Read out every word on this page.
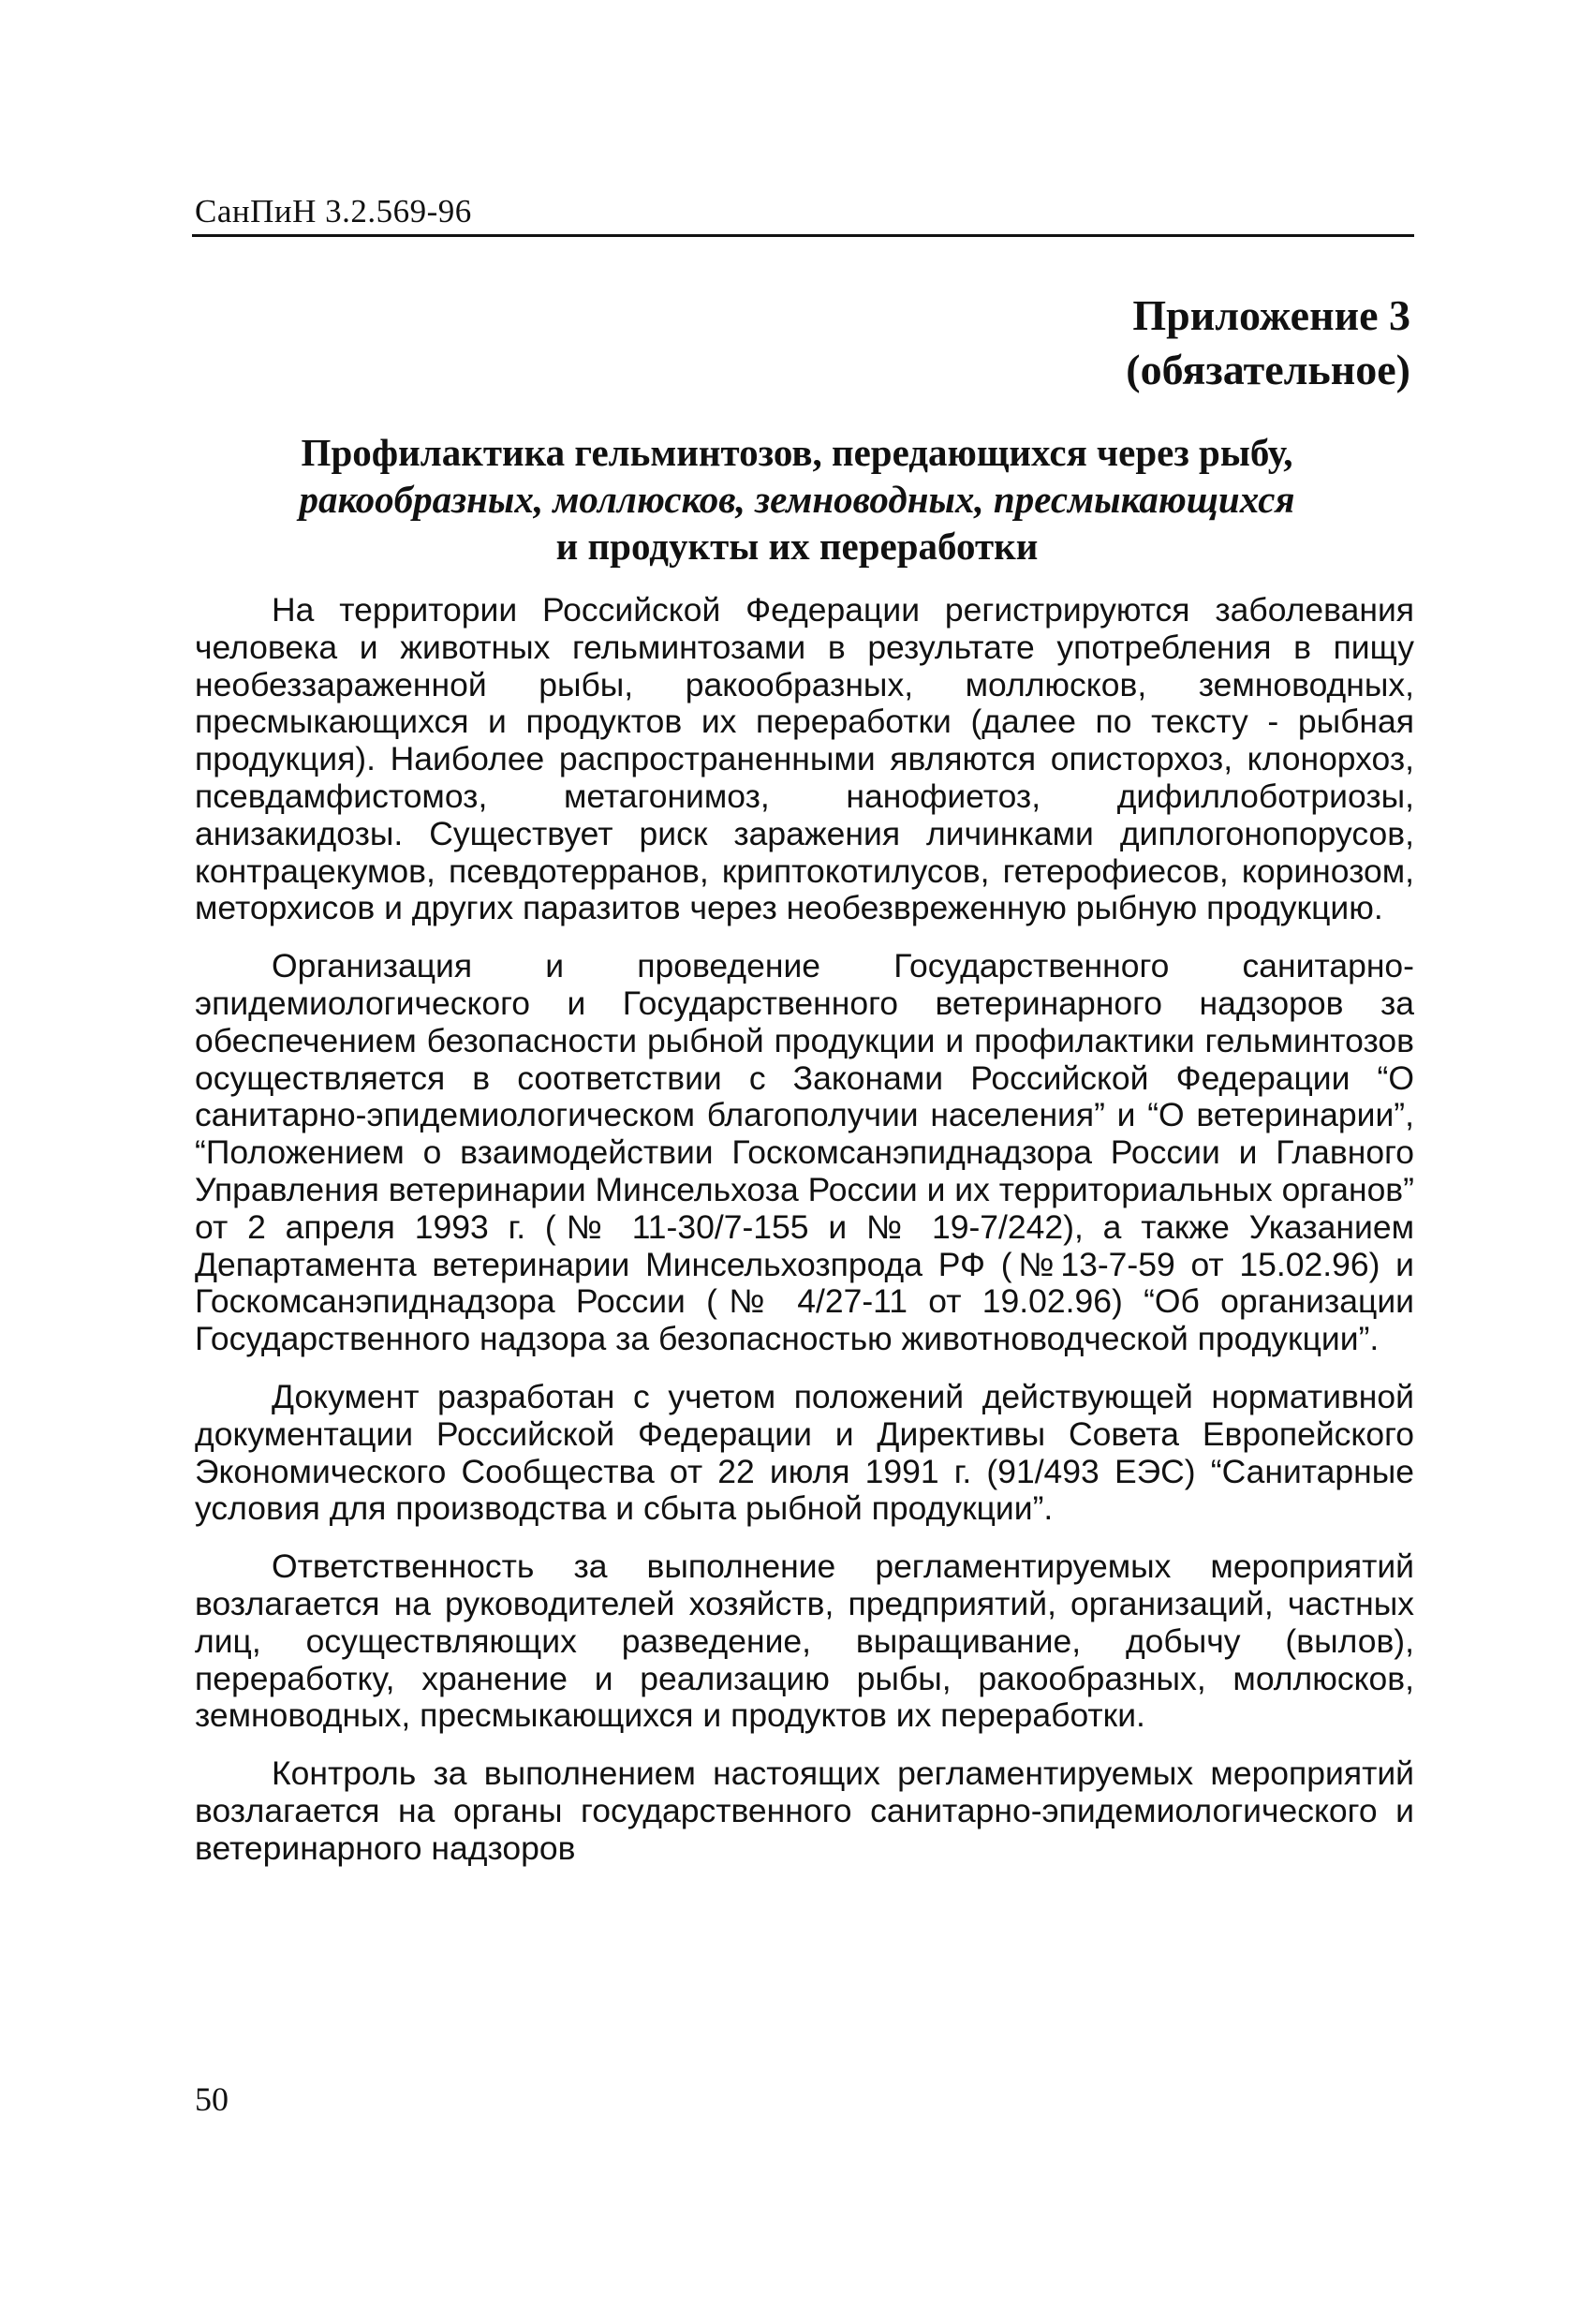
СанПиН 3.2.569-96
Приложение 3
(обязательное)
Профилактика гельминтозов, передающихся через рыбу,
ракообразных, моллюсков, земноводных, пресмыкающихся
и продукты их переработки

На территории Российской Федерации регистрируются заболевания человека и животных гельминтозами в результате употребления в пищу необеззараженной рыбы, ракообразных, моллюсков, земноводных, пресмыкающихся и продуктов их переработки (далее по тексту - рыбная продукция). Наиболее распространенными являются описторхоз, клонорхоз, псевдамфистомоз, метагонимоз, нанофиетоз, дифиллоботриозы, анизакидозы. Существует риск заражения личинками диплогонопорусов, контрацекумов, псевдотерранов, криптокотилусов, гетерофиесов, коринозом, меторхисов и других паразитов через необезвреженную рыбную продукцию.

Организация и проведение Государственного санитарно-эпидемиологического и Государственного ветеринарного надзоров за обеспечением безопасности рыбной продукции и профилактики гельминтозов осуществляется в соответствии с Законами Российской Федерации “О санитарно-эпидемиологическом благополучии населения” и “О ветеринарии”, “Положением о взаимодействии Госкомсанэпиднадзора России и Главного Управления ветеринарии Минсельхоза России и их территориальных органов” от 2 апреля 1993 г. (№ 11-30/7-155 и № 19-7/242), а также Указанием Департамента ветеринарии Минсельхозпрода РФ (№13-7-59 от 15.02.96) и Госкомсанэпиднадзора России (№ 4/27-11 от 19.02.96) “Об организации Государственного надзора за безопасностью животноводческой продукции”.

Документ разработан с учетом положений действующей нормативной документации Российской Федерации и Директивы Совета Европейского Экономического Сообщества от 22 июля 1991 г. (91/493 ЕЭС) “Санитарные условия для производства и сбыта рыбной продукции”.

Ответственность за выполнение регламентируемых мероприятий возлагается на руководителей хозяйств, предприятий, организаций, частных лиц, осуществляющих разведение, выращивание, добычу (вылов), переработку, хранение и реализацию рыбы, ракообразных, моллюсков, земноводных, пресмыкающихся и продуктов их переработки.

Контроль за выполнением настоящих регламентируемых мероприятий возлагается на органы государственного санитарно-эпидемиологического и ветеринарного надзоров

50
